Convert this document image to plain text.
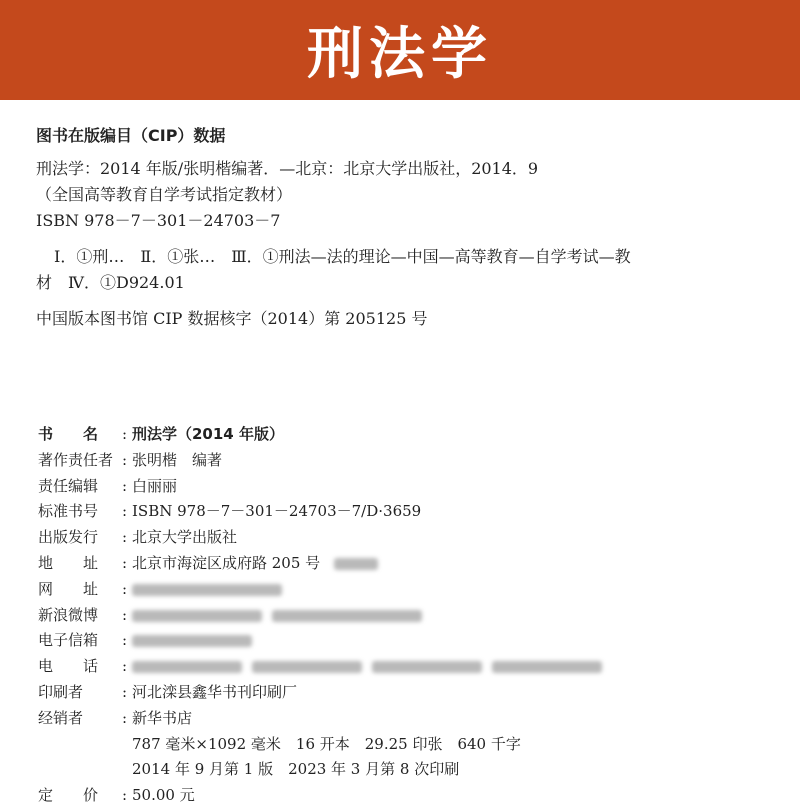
刑法学
图书在版编目（CIP）数据
刑法学：2014 年版/张明楷编著．—北京：北京大学出版社，2014．9
（全国高等教育自学考试指定教材）
ISBN 978－7－301－24703－7
Ⅰ．①刑…　Ⅱ．①张…　Ⅲ．①刑法—法的理论—中国—高等教育—自学考试—教
材　Ⅳ．①D924.01
中国版本图书馆 CIP 数据核字（2014）第 205125 号
书　　名	: 刑法学（2014 年版）
著作责任者 : 张明楷　编著
责任编辑	: 白丽丽
标准书号	: ISBN 978－7－301－24703－7/D·3659
出版发行	: 北京大学出版社
地　　址	: 北京市海淀区成府路 205 号
网　　址	:
新浪微博	:
电子信箱	:
电　　话	:
印刷者	: 河北滦县鑫华书刊印刷厂
经销者	: 新华书店
787 毫米×1092 毫米　16 开本　29.25 印张　640 千字
2014 年 9 月第 1 版　2023 年 3 月第 8 次印刷
定　　价	: 50.00 元
